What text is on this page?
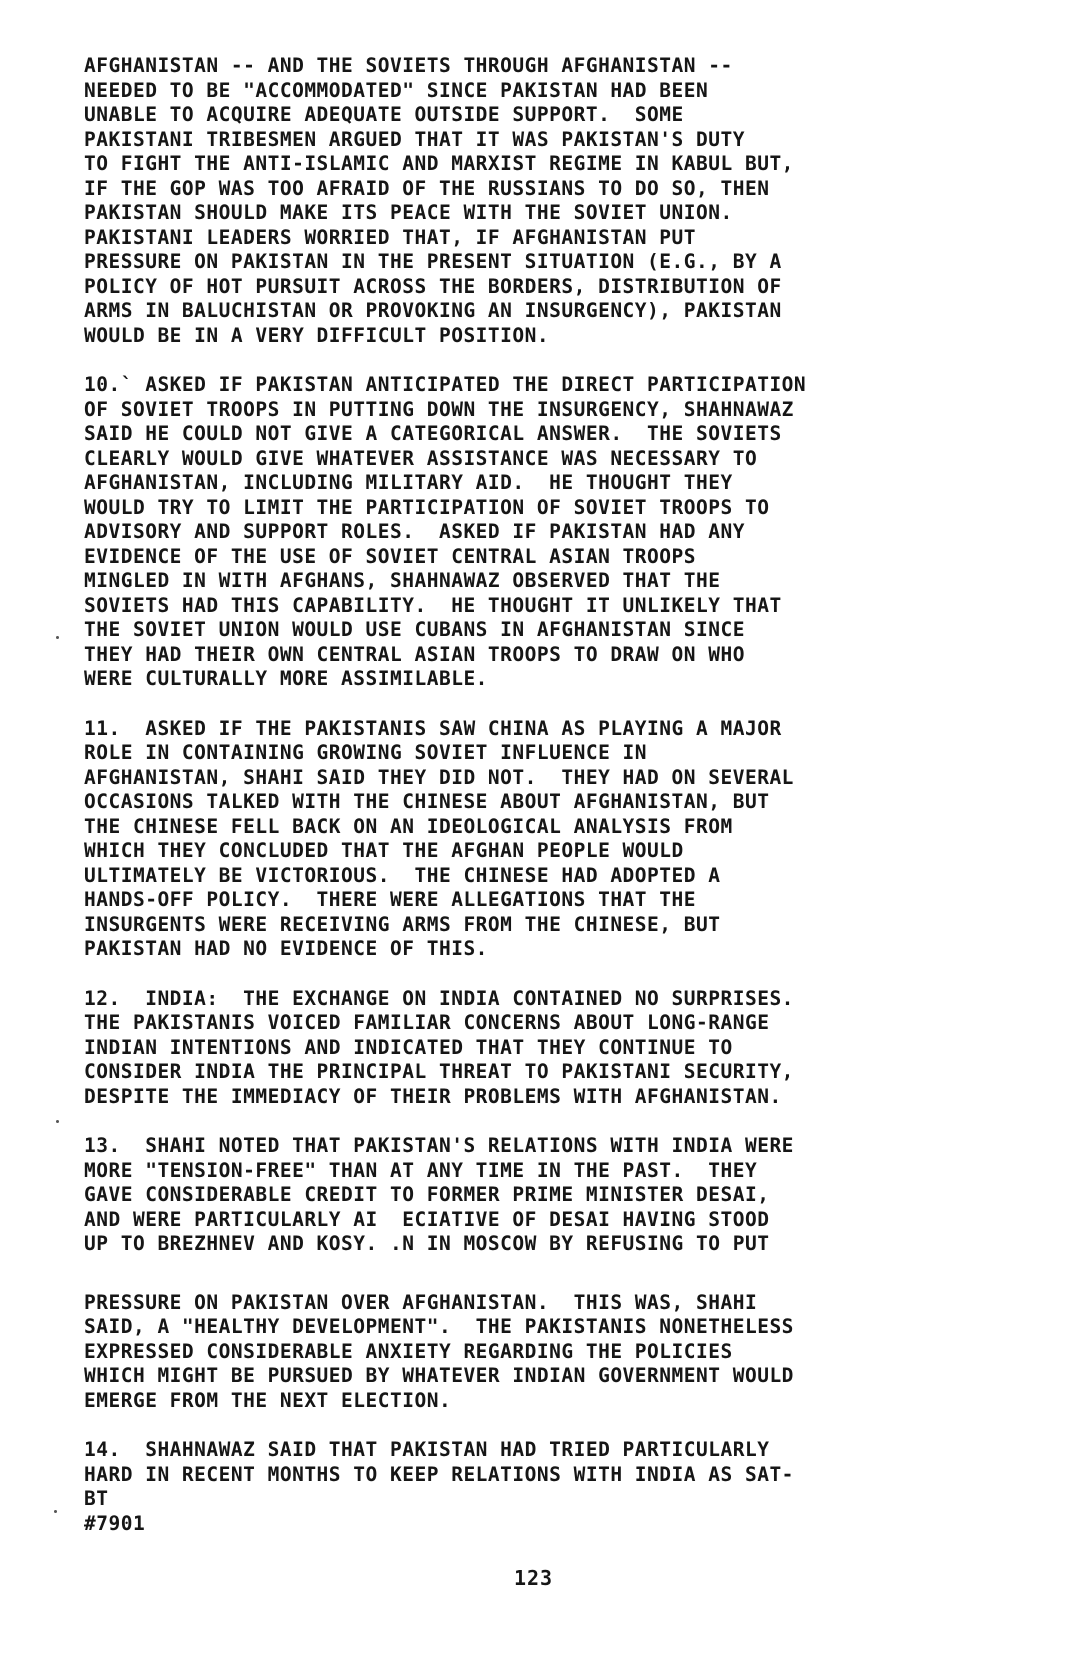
AFGHANISTAN -- AND THE SOVIETS THROUGH AFGHANISTAN --
NEEDED TO BE "ACCOMMODATED" SINCE PAKISTAN HAD BEEN
UNABLE TO ACQUIRE ADEQUATE OUTSIDE SUPPORT.  SOME
PAKISTANI TRIBESMEN ARGUED THAT IT WAS PAKISTAN'S DUTY
TO FIGHT THE ANTI-ISLAMIC AND MARXIST REGIME IN KABUL BUT,
IF THE GOP WAS TOO AFRAID OF THE RUSSIANS TO DO SO, THEN
PAKISTAN SHOULD MAKE ITS PEACE WITH THE SOVIET UNION.
PAKISTANI LEADERS WORRIED THAT, IF AFGHANISTAN PUT
PRESSURE ON PAKISTAN IN THE PRESENT SITUATION (E.G., BY A
POLICY OF HOT PURSUIT ACROSS THE BORDERS, DISTRIBUTION OF
ARMS IN BALUCHISTAN OR PROVOKING AN INSURGENCY), PAKISTAN
WOULD BE IN A VERY DIFFICULT POSITION.
10.` ASKED IF PAKISTAN ANTICIPATED THE DIRECT PARTICIPATION
OF SOVIET TROOPS IN PUTTING DOWN THE INSURGENCY, SHAHNAWAZ
SAID HE COULD NOT GIVE A CATEGORICAL ANSWER.  THE SOVIETS
CLEARLY WOULD GIVE WHATEVER ASSISTANCE WAS NECESSARY TO
AFGHANISTAN, INCLUDING MILITARY AID.  HE THOUGHT THEY
WOULD TRY TO LIMIT THE PARTICIPATION OF SOVIET TROOPS TO
ADVISORY AND SUPPORT ROLES.  ASKED IF PAKISTAN HAD ANY
EVIDENCE OF THE USE OF SOVIET CENTRAL ASIAN TROOPS
MINGLED IN WITH AFGHANS, SHAHNAWAZ OBSERVED THAT THE
SOVIETS HAD THIS CAPABILITY.  HE THOUGHT IT UNLIKELY THAT
THE SOVIET UNION WOULD USE CUBANS IN AFGHANISTAN SINCE
THEY HAD THEIR OWN CENTRAL ASIAN TROOPS TO DRAW ON WHO
WERE CULTURALLY MORE ASSIMILABLE.
11.  ASKED IF THE PAKISTANIS SAW CHINA AS PLAYING A MAJOR
ROLE IN CONTAINING GROWING SOVIET INFLUENCE IN
AFGHANISTAN, SHAHI SAID THEY DID NOT.  THEY HAD ON SEVERAL
OCCASIONS TALKED WITH THE CHINESE ABOUT AFGHANISTAN, BUT
THE CHINESE FELL BACK ON AN IDEOLOGICAL ANALYSIS FROM
WHICH THEY CONCLUDED THAT THE AFGHAN PEOPLE WOULD
ULTIMATELY BE VICTORIOUS.  THE CHINESE HAD ADOPTED A
HANDS-OFF POLICY.  THERE WERE ALLEGATIONS THAT THE
INSURGENTS WERE RECEIVING ARMS FROM THE CHINESE, BUT
PAKISTAN HAD NO EVIDENCE OF THIS.
12.  INDIA:  THE EXCHANGE ON INDIA CONTAINED NO SURPRISES.
THE PAKISTANIS VOICED FAMILIAR CONCERNS ABOUT LONG-RANGE
INDIAN INTENTIONS AND INDICATED THAT THEY CONTINUE TO
CONSIDER INDIA THE PRINCIPAL THREAT TO PAKISTANI SECURITY,
DESPITE THE IMMEDIACY OF THEIR PROBLEMS WITH AFGHANISTAN.
13.  SHAHI NOTED THAT PAKISTAN'S RELATIONS WITH INDIA WERE
MORE "TENSION-FREE" THAN AT ANY TIME IN THE PAST.  THEY
GAVE CONSIDERABLE CREDIT TO FORMER PRIME MINISTER DESAI,
AND WERE PARTICULARLY AI  ECIATIVE OF DESAI HAVING STOOD
UP TO BREZHNEV AND KOSY. .N IN MOSCOW BY REFUSING TO PUT
PRESSURE ON PAKISTAN OVER AFGHANISTAN.  THIS WAS, SHAHI
SAID, A "HEALTHY DEVELOPMENT".  THE PAKISTANIS NONETHELESS
EXPRESSED CONSIDERABLE ANXIETY REGARDING THE POLICIES
WHICH MIGHT BE PURSUED BY WHATEVER INDIAN GOVERNMENT WOULD
EMERGE FROM THE NEXT ELECTION.
14.  SHAHNAWAZ SAID THAT PAKISTAN HAD TRIED PARTICULARLY
HARD IN RECENT MONTHS TO KEEP RELATIONS WITH INDIA AS SAT-
BT
#7901
123
